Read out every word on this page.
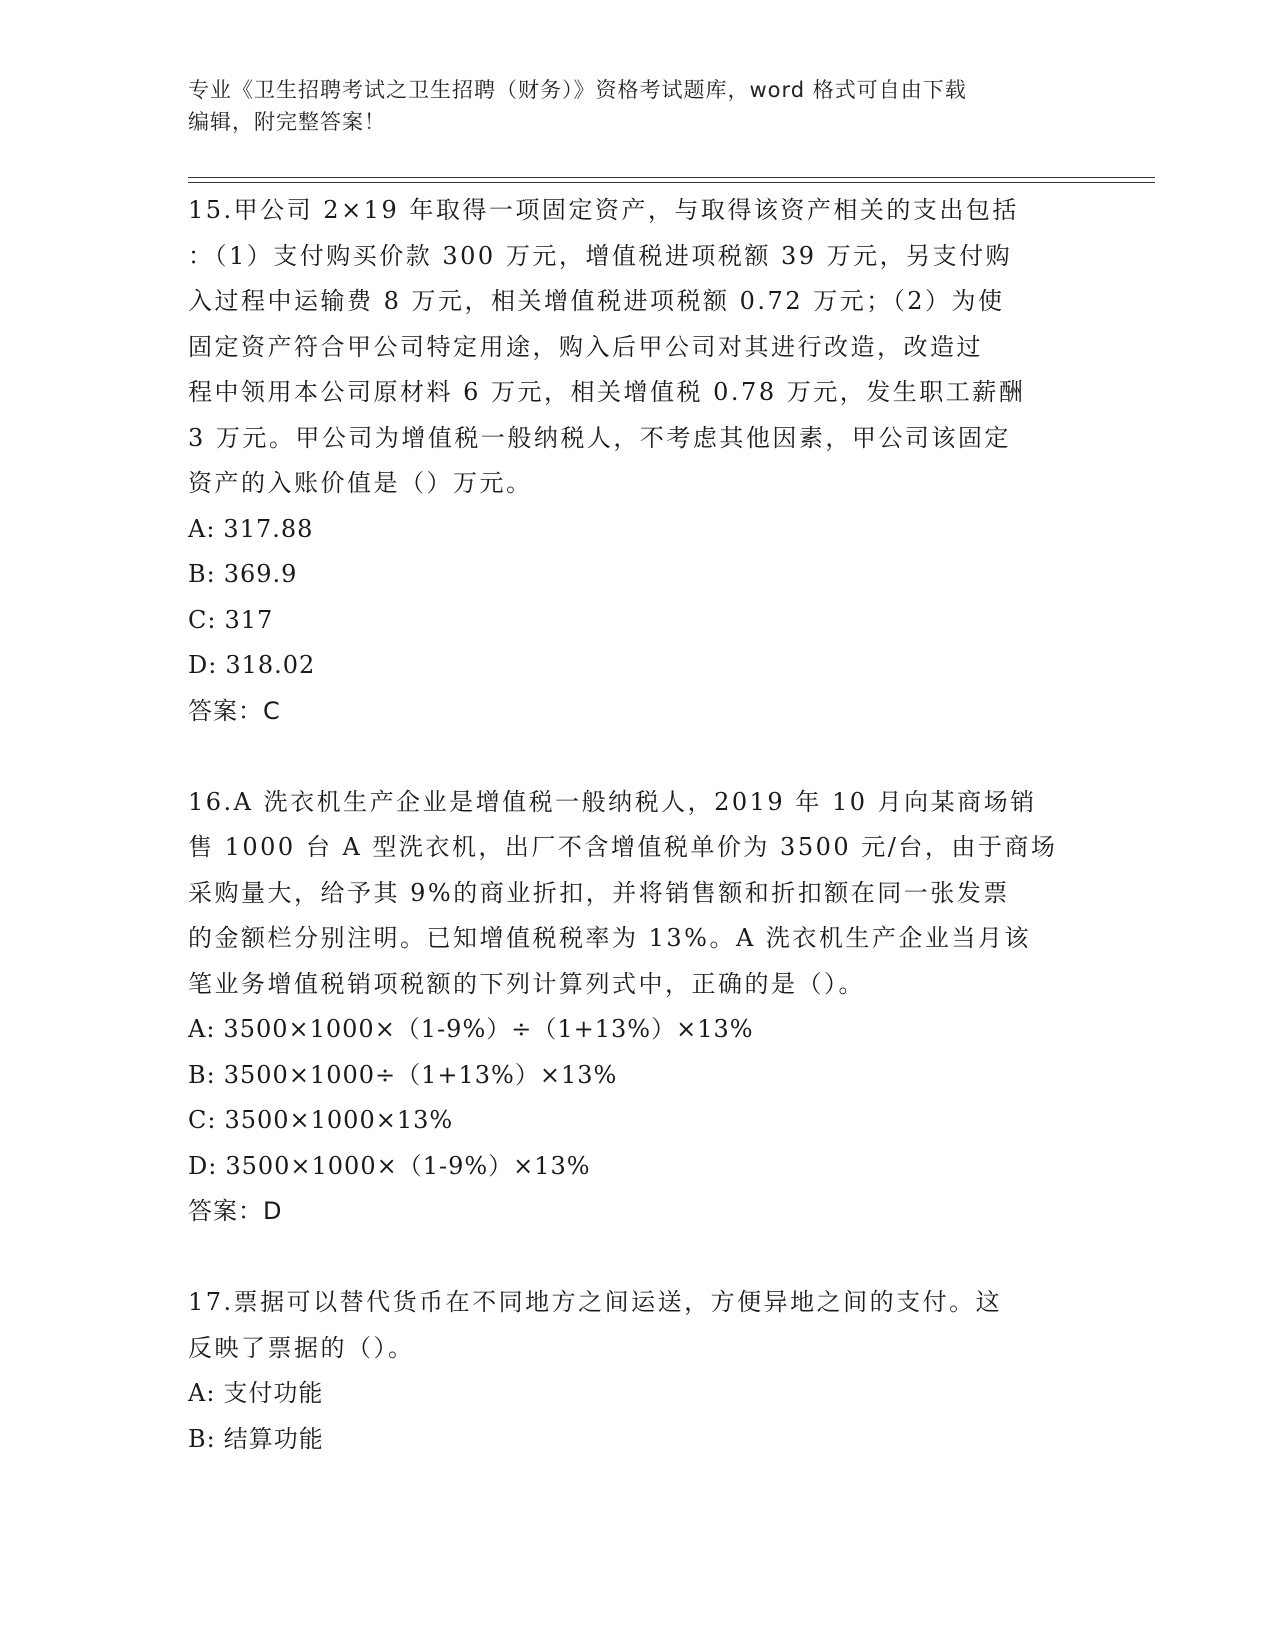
专业《卫生招聘考试之卫生招聘（财务）》资格考试题库，word 格式可自由下载
编辑，附完整答案！
15.甲公司 2×19 年取得一项固定资产，与取得该资产相关的支出包括
：（1）支付购买价款 300 万元，增值税进项税额 39 万元，另支付购
入过程中运输费 8 万元，相关增值税进项税额 0.72 万元；（2）为使
固定资产符合甲公司特定用途，购入后甲公司对其进行改造，改造过
程中领用本公司原材料 6 万元，相关增值税 0.78 万元，发生职工薪酬
3 万元。甲公司为增值税一般纳税人，不考虑其他因素，甲公司该固定
资产的入账价值是（）万元。
A: 317.88
B: 369.9
C: 317
D: 318.02
答案：C
16.A 洗衣机生产企业是增值税一般纳税人，2019 年 10 月向某商场销
售 1000 台 A 型洗衣机，出厂不含增值税单价为 3500 元/台，由于商场
采购量大，给予其 9%的商业折扣，并将销售额和折扣额在同一张发票
的金额栏分别注明。已知增值税税率为 13%。A 洗衣机生产企业当月该
笔业务增值税销项税额的下列计算列式中，正确的是（）。
A: 3500×1000×（1-9%）÷（1+13%）×13%
B: 3500×1000÷（1+13%）×13%
C: 3500×1000×13%
D: 3500×1000×（1-9%）×13%
答案：D
17.票据可以替代货币在不同地方之间运送，方便异地之间的支付。这
反映了票据的（）。
A: 支付功能
B: 结算功能
